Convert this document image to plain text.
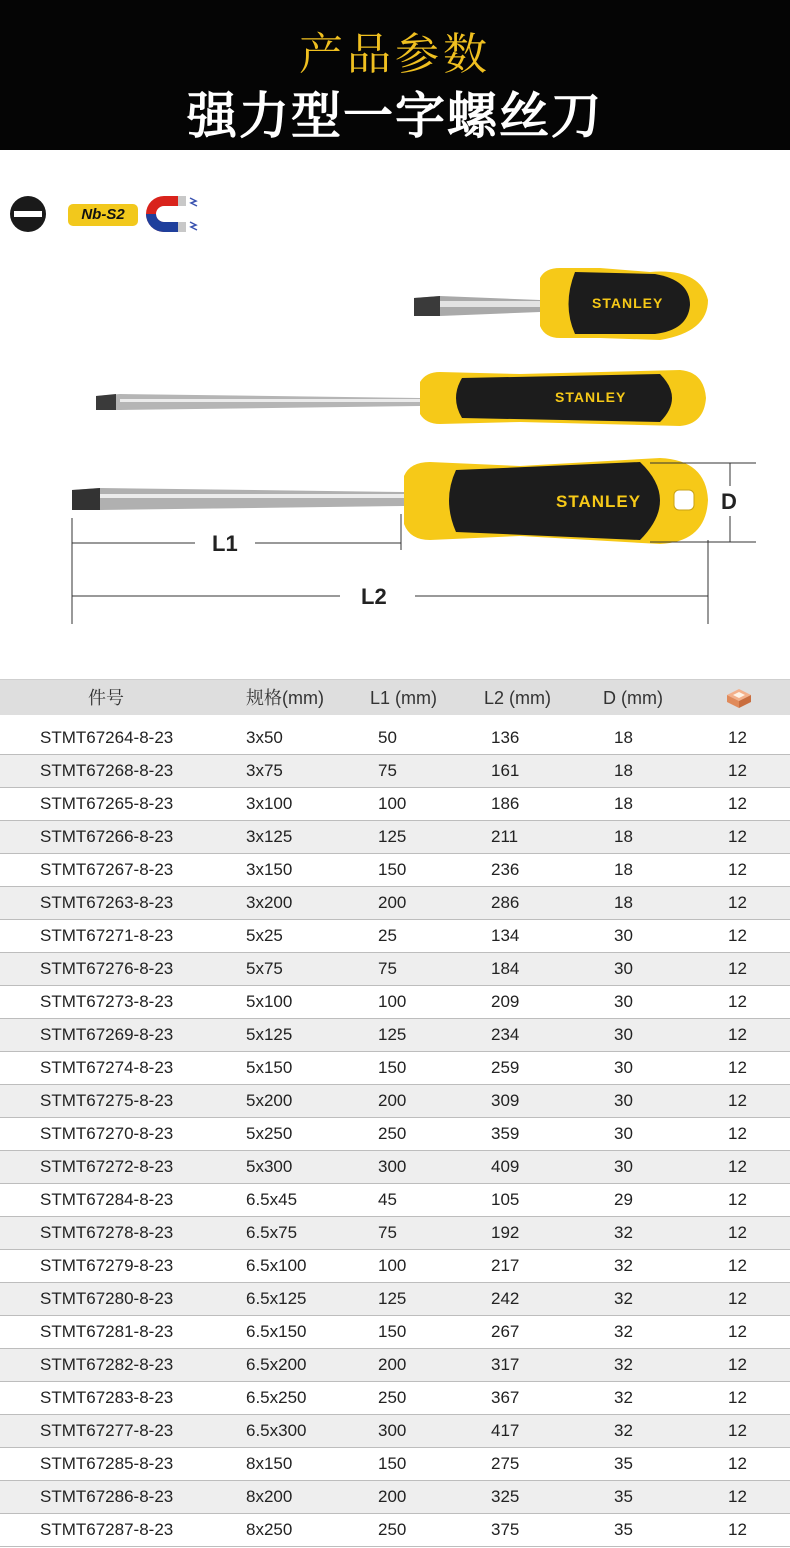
产品参数
强力型一字螺丝刀
Nb-S2
STANLEY
STANLEY
STANLEY
L1
L2
D
件号	规格(mm)	L1 (mm)	L2 (mm)	D (mm)
STMT67264-8-23	3x50	50	136	18	12
STMT67268-8-23	3x75	75	161	18	12
STMT67265-8-23	3x100	100	186	18	12
STMT67266-8-23	3x125	125	211	18	12
STMT67267-8-23	3x150	150	236	18	12
STMT67263-8-23	3x200	200	286	18	12
STMT67271-8-23	5x25	25	134	30	12
STMT67276-8-23	5x75	75	184	30	12
STMT67273-8-23	5x100	100	209	30	12
STMT67269-8-23	5x125	125	234	30	12
STMT67274-8-23	5x150	150	259	30	12
STMT67275-8-23	5x200	200	309	30	12
STMT67270-8-23	5x250	250	359	30	12
STMT67272-8-23	5x300	300	409	30	12
STMT67284-8-23	6.5x45	45	105	29	12
STMT67278-8-23	6.5x75	75	192	32	12
STMT67279-8-23	6.5x100	100	217	32	12
STMT67280-8-23	6.5x125	125	242	32	12
STMT67281-8-23	6.5x150	150	267	32	12
STMT67282-8-23	6.5x200	200	317	32	12
STMT67283-8-23	6.5x250	250	367	32	12
STMT67277-8-23	6.5x300	300	417	32	12
STMT67285-8-23	8x150	150	275	35	12
STMT67286-8-23	8x200	200	325	35	12
STMT67287-8-23	8x250	250	375	35	12
